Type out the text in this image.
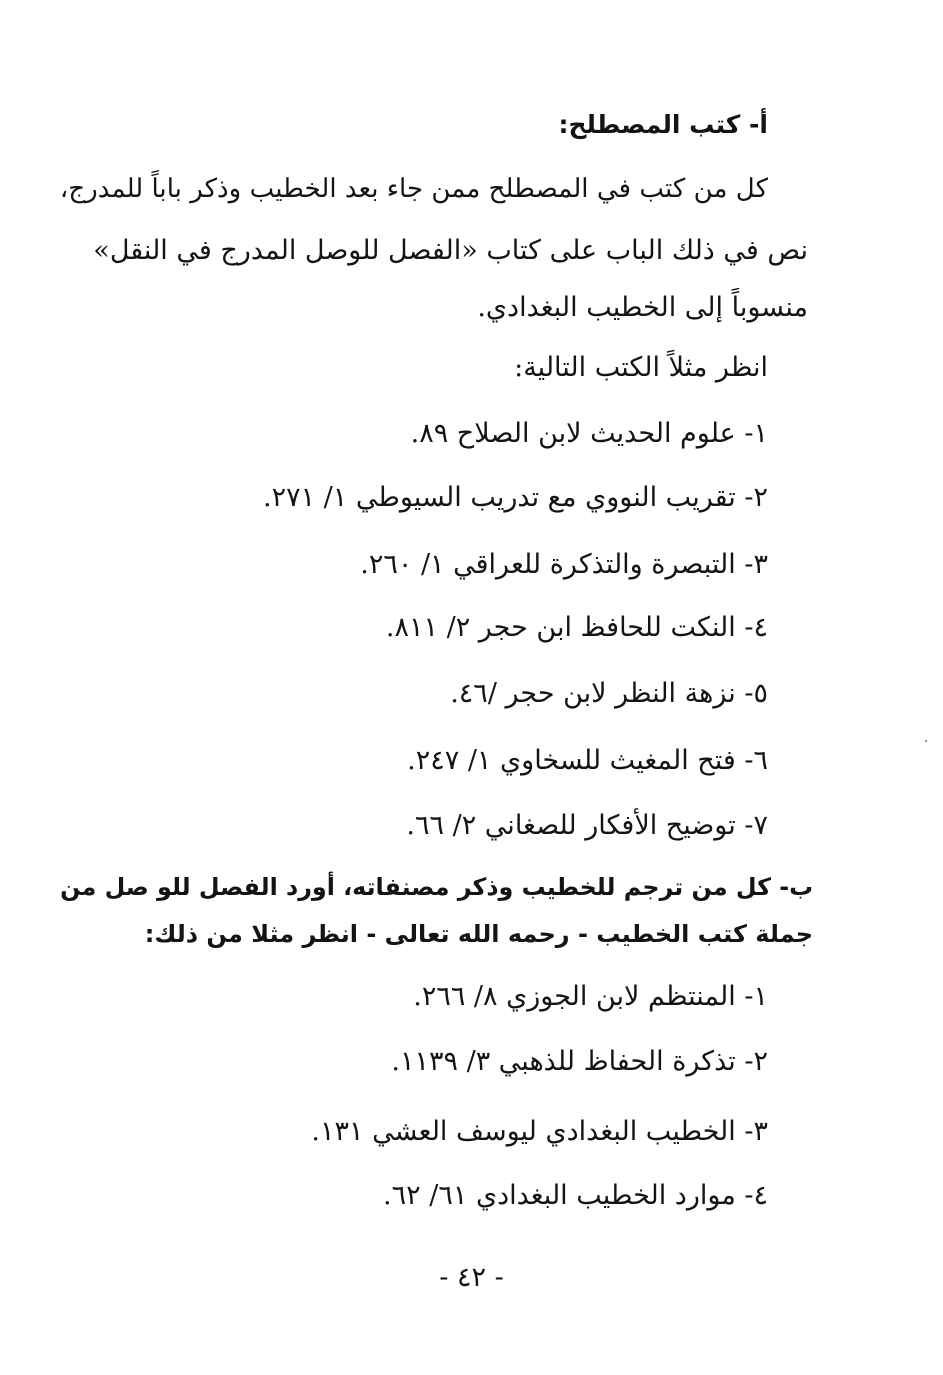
أ- كتب المصطلح:
كل من كتب في المصطلح ممن جاء بعد الخطيب وذكر باباً للمدرج،
نص في ذلك الباب على كتاب «الفصل للوصل المدرج في النقل»
منسوباً إلى الخطيب البغدادي.
انظر مثلاً الكتب التالية:
١- علوم الحديث لابن الصلاح ٨٩.
٢- تقريب النووي مع تدريب السيوطي ١/ ٢٧١.
٣- التبصرة والتذكرة للعراقي ١/ ٢٦٠.
٤- النكت للحافظ ابن حجر ٢/ ٨١١.
٥- نزهة النظر لابن حجر /٤٦.
٦- فتح المغيث للسخاوي ١/ ٢٤٧.
٧- توضيح الأفكار للصغاني ٢/ ٦٦.
ب- كل من ترجم للخطيب وذكر مصنفاته، أورد الفصل للو صل من
جملة كتب الخطيب - رحمه الله تعالى - انظر مثلا من ذلك:
١- المنتظم لابن الجوزي ٨/ ٢٦٦.
٢- تذكرة الحفاظ للذهبي ٣/ ١١٣٩.
٣- الخطيب البغدادي ليوسف العشي ١٣١.
٤- موارد الخطيب البغدادي ٦١/ ٦٢.
- ٤٢ -
